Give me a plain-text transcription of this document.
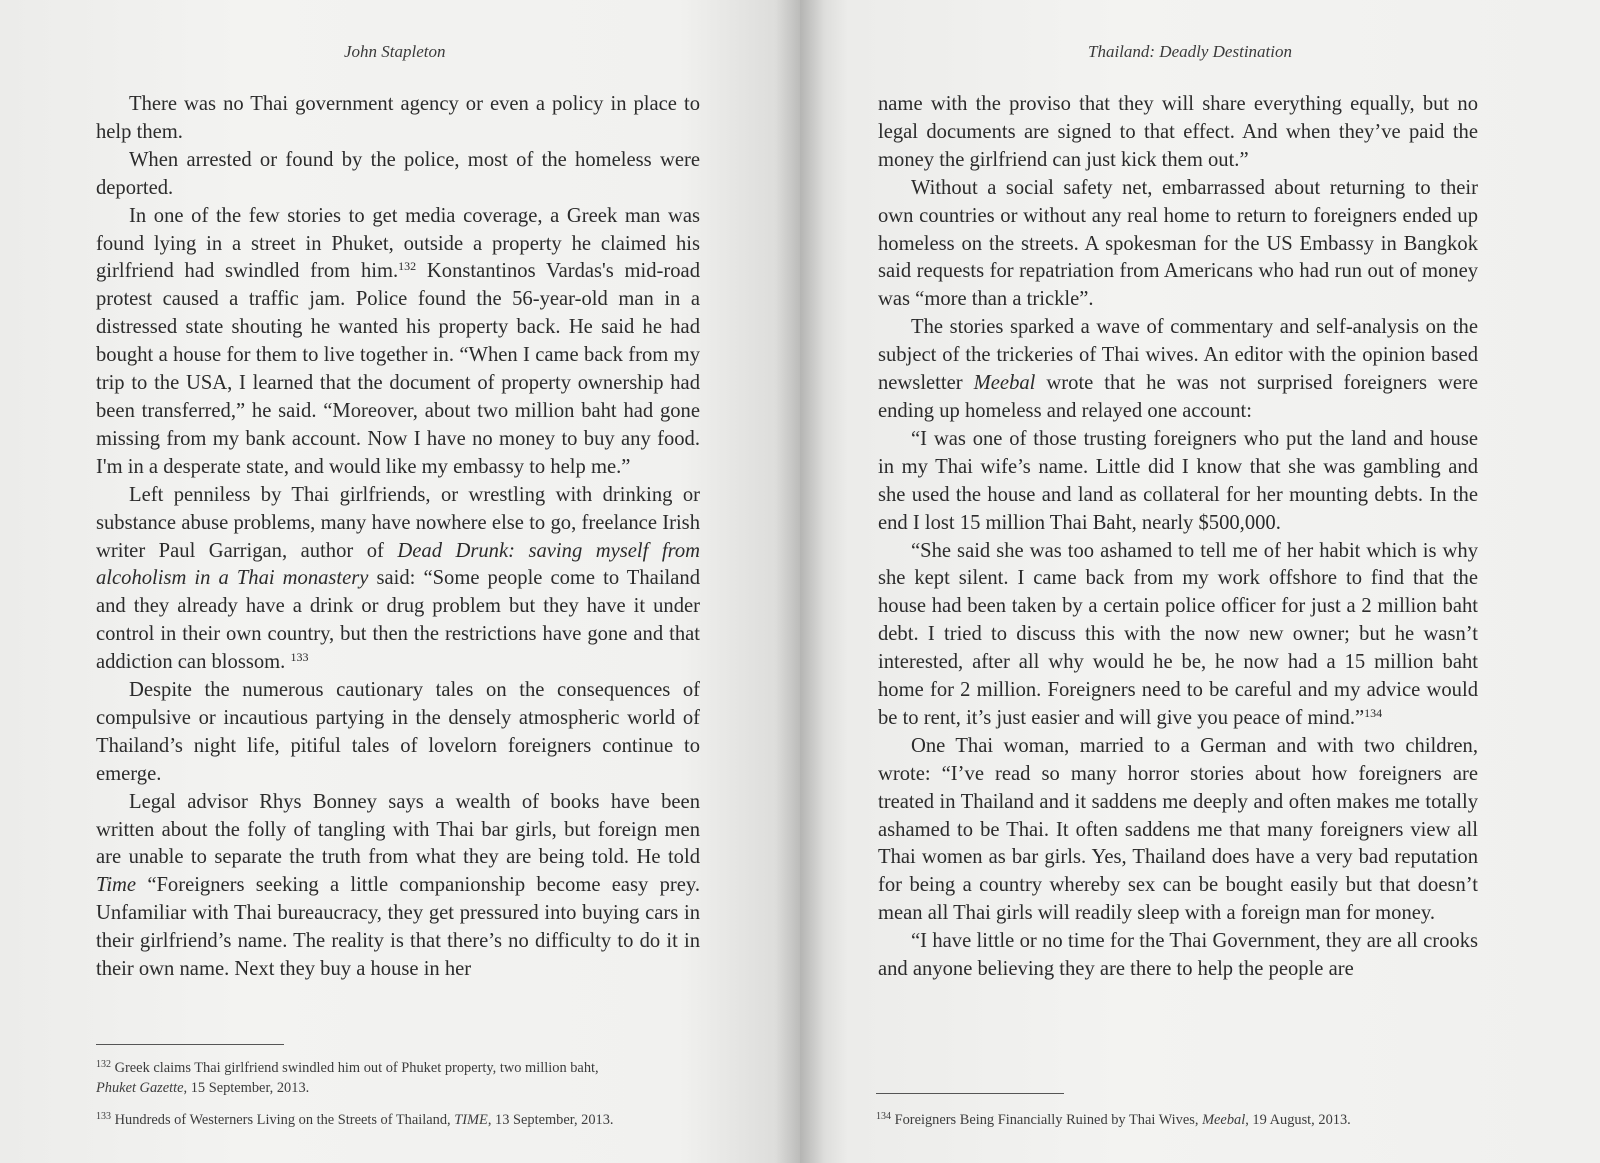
John Stapleton

There was no Thai government agency or even a policy in place to help them.

When arrested or found by the police, most of the homeless were deported.

In one of the few stories to get media coverage, a Greek man was found lying in a street in Phuket, outside a property he claimed his girlfriend had swindled from him.$^{132}$ Konstantinos Vardas's mid-road protest caused a traffic jam. Police found the 56-year-old man in a distressed state shouting he wanted his property back. He said he had bought a house for them to live together in. “When I came back from my trip to the USA, I learned that the document of property ownership had been transferred,” he said. “Moreover, about two million baht had gone missing from my bank account. Now I have no money to buy any food. I'm in a desperate state, and would like my embassy to help me.”

Left penniless by Thai girlfriends, or wrestling with drinking or substance abuse problems, many have nowhere else to go, freelance Irish writer Paul Garrigan, author of Dead Drunk: saving myself from alcoholism in a Thai monastery said: “Some people come to Thailand and they already have a drink or drug problem but they have it under control in their own country, but then the restrictions have gone and that addiction can blossom. $^{133}$

Despite the numerous cautionary tales on the consequences of compulsive or incautious partying in the densely atmospheric world of Thailand’s night life, pitiful tales of lovelorn foreigners continue to emerge.

Legal advisor Rhys Bonney says a wealth of books have been written about the folly of tangling with Thai bar girls, but foreign men are unable to separate the truth from what they are being told. He told Time “Foreigners seeking a little companionship become easy prey. Unfamiliar with Thai bureaucracy, they get pressured into buying cars in their girlfriend’s name. The reality is that there’s no difficulty to do it in their own name. Next they buy a house in her

$^{132}$ Greek claims Thai girlfriend swindled him out of Phuket property, two million baht,
Phuket Gazette, 15 September, 2013.
$^{133}$ Hundreds of Westerners Living on the Streets of Thailand, TIME, 13 September, 2013.
Thailand: Deadly Destination

name with the proviso that they will share everything equally, but no legal documents are signed to that effect. And when they’ve paid the money the girlfriend can just kick them out.”

Without a social safety net, embarrassed about returning to their own countries or without any real home to return to foreigners ended up homeless on the streets. A spokesman for the US Embassy in Bangkok said requests for repatriation from Americans who had run out of money was “more than a trickle”.

The stories sparked a wave of commentary and self-analysis on the subject of the trickeries of Thai wives. An editor with the opinion based newsletter Meebal wrote that he was not surprised foreigners were ending up homeless and relayed one account:

“I was one of those trusting foreigners who put the land and house in my Thai wife’s name. Little did I know that she was gambling and she used the house and land as collateral for her mounting debts. In the end I lost 15 million Thai Baht, nearly $500,000.

“She said she was too ashamed to tell me of her habit which is why she kept silent. I came back from my work offshore to find that the house had been taken by a certain police officer for just a 2 million baht debt. I tried to discuss this with the now new owner; but he wasn’t interested, after all why would he be, he now had a 15 million baht home for 2 million. Foreigners need to be careful and my advice would be to rent, it’s just easier and will give you peace of mind.”$^{134}$

One Thai woman, married to a German and with two children, wrote: “I’ve read so many horror stories about how foreigners are treated in Thailand and it saddens me deeply and often makes me totally ashamed to be Thai. It often saddens me that many foreigners view all Thai women as bar girls. Yes, Thailand does have a very bad reputation for being a country whereby sex can be bought easily but that doesn’t mean all Thai girls will readily sleep with a foreign man for money.

“I have little or no time for the Thai Government, they are all crooks and anyone believing they are there to help the people are

$^{134}$ Foreigners Being Financially Ruined by Thai Wives, Meebal, 19 August, 2013.
